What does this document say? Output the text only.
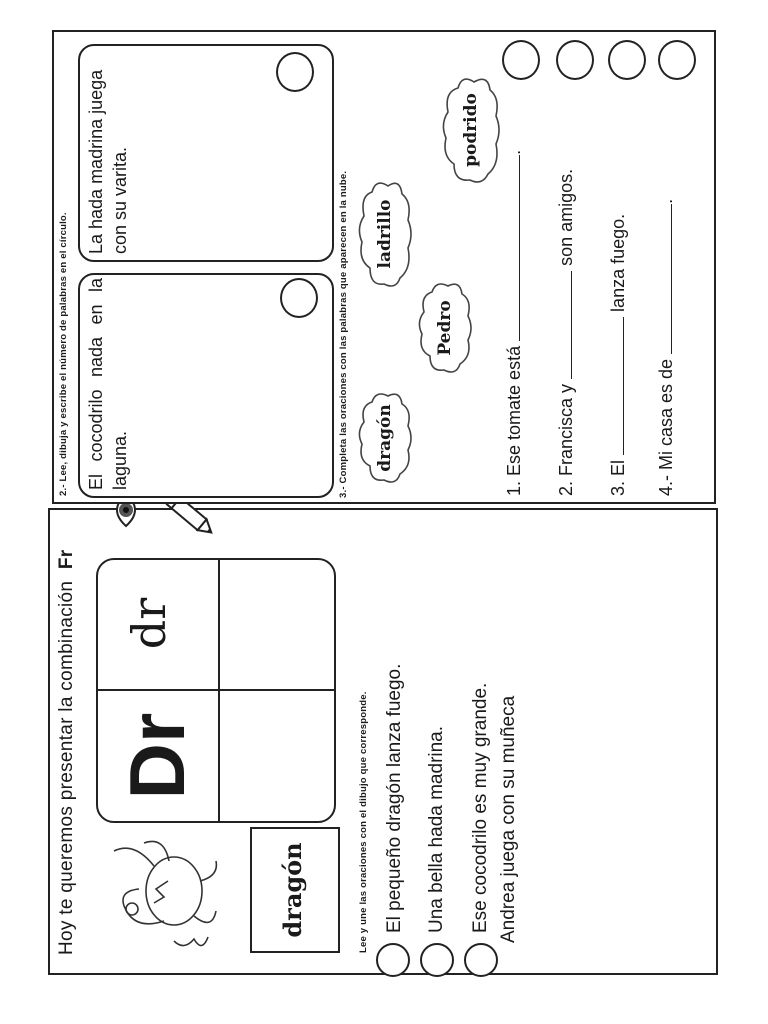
Hoy te queremos presentar la combinación Fr
dragón
Dr
dr
Lee y une las oraciones con el dibujo que corresponde. El pequeño dragón lanza fuego. Una bella hada madrina. Ese cocodrilo es muy grande. Andrea juega con su muñeca
2.- Lee, dibuja y escribe el número de palabras en el círculo. El cocodrilo nada en la laguna.
La hada madrina juega con su varita.	3.- Completa las oraciones con las palabras que aparecen en la nube.	dragón
Pedro
ladrillo
podrido
1. Ese tomate está .
2. Francisca y  son amigos.
3. El  lanza fuego.
4.- Mi casa es de .
